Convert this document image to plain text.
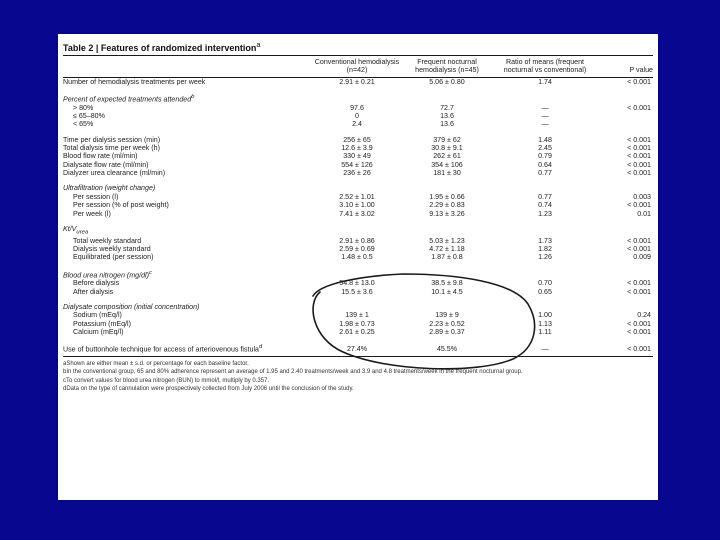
Table 2 | Features of randomized intervention$^a$
	Conventional hemodialysis (n=42)	Frequent nocturnal hemodialysis (n=45)	Ratio of means (frequent nocturnal vs conventional)	P value
Number of hemodialysis treatments per week	2.91 ± 0.21	5.06 ± 0.80	1.74	< 0.001
Percent of expected treatments attended$^b$				
> 80%	97.6	72.7	—	< 0.001
≤ 65–80%	0	13.6	—	
< 65%	2.4	13.6	—	
Time per dialysis session (min)	256 ± 65	379 ± 62	1.48	< 0.001
Total dialysis time per week (h)	12.6 ± 3.9	30.8 ± 9.1	2.45	< 0.001
Blood flow rate (ml/min)	330 ± 49	262 ± 61	0.79	< 0.001
Dialysate flow rate (ml/min)	554 ± 126	354 ± 106	0.64	< 0.001
Dialyzer urea clearance (ml/min)	236 ± 26	181 ± 30	0.77	< 0.001
Ultrafiltration (weight change)				
Per session (l)	2.52 ± 1.01	1.95 ± 0.66	0.77	0.003
Per session (% of post weight)	3.10 ± 1.00	2.29 ± 0.83	0.74	< 0.001
Per week (l)	7.41 ± 3.02	9.13 ± 3.26	1.23	0.01
$Kt/V_{urea}$				
Total weekly standard	2.91 ± 0.86	5.03 ± 1.23	1.73	< 0.001
Dialysis weekly standard	2.59 ± 0.69	4.72 ± 1.18	1.82	< 0.001
Equilibrated (per session)	1.48 ± 0.5	1.87 ± 0.8	1.26	0.009
Blood urea nitrogen $(mg/dl)^c$				
Before dialysis	54.8 ± 13.0	38.5 ± 9.8	0.70	< 0.001
After dialysis	15.5 ± 3.6	10.1 ± 4.5	0.65	< 0.001
Dialysate composition (initial concentration)				
Sodium (mEq/l)	139 ± 1	139 ± 9	1.00	0.24
Potassium (mEq/l)	1.98 ± 0.73	2.23 ± 0.52	1.13	< 0.001
Calcium (mEq/l)	2.61 ± 0.25	2.89 ± 0.37	1.11	< 0.001
Use of buttonhole technique for access of arteriovenous fistula$^d$	27.4%	45.5%	—	< 0.001
aShown are either mean ± s.d. or percentage for each baseline factor.
bIn the conventional group, 65 and 80% adherence represent an average of 1.95 and 2.40 treatments/week and 3.9 and 4.8 treatments/week in the frequent nocturnal group.
cTo convert values for blood urea nitrogen (BUN) to mmol/l, multiply by 0.357.
dData on the type of cannulation were prospectively collected from July 2006 until the conclusion of the study.
